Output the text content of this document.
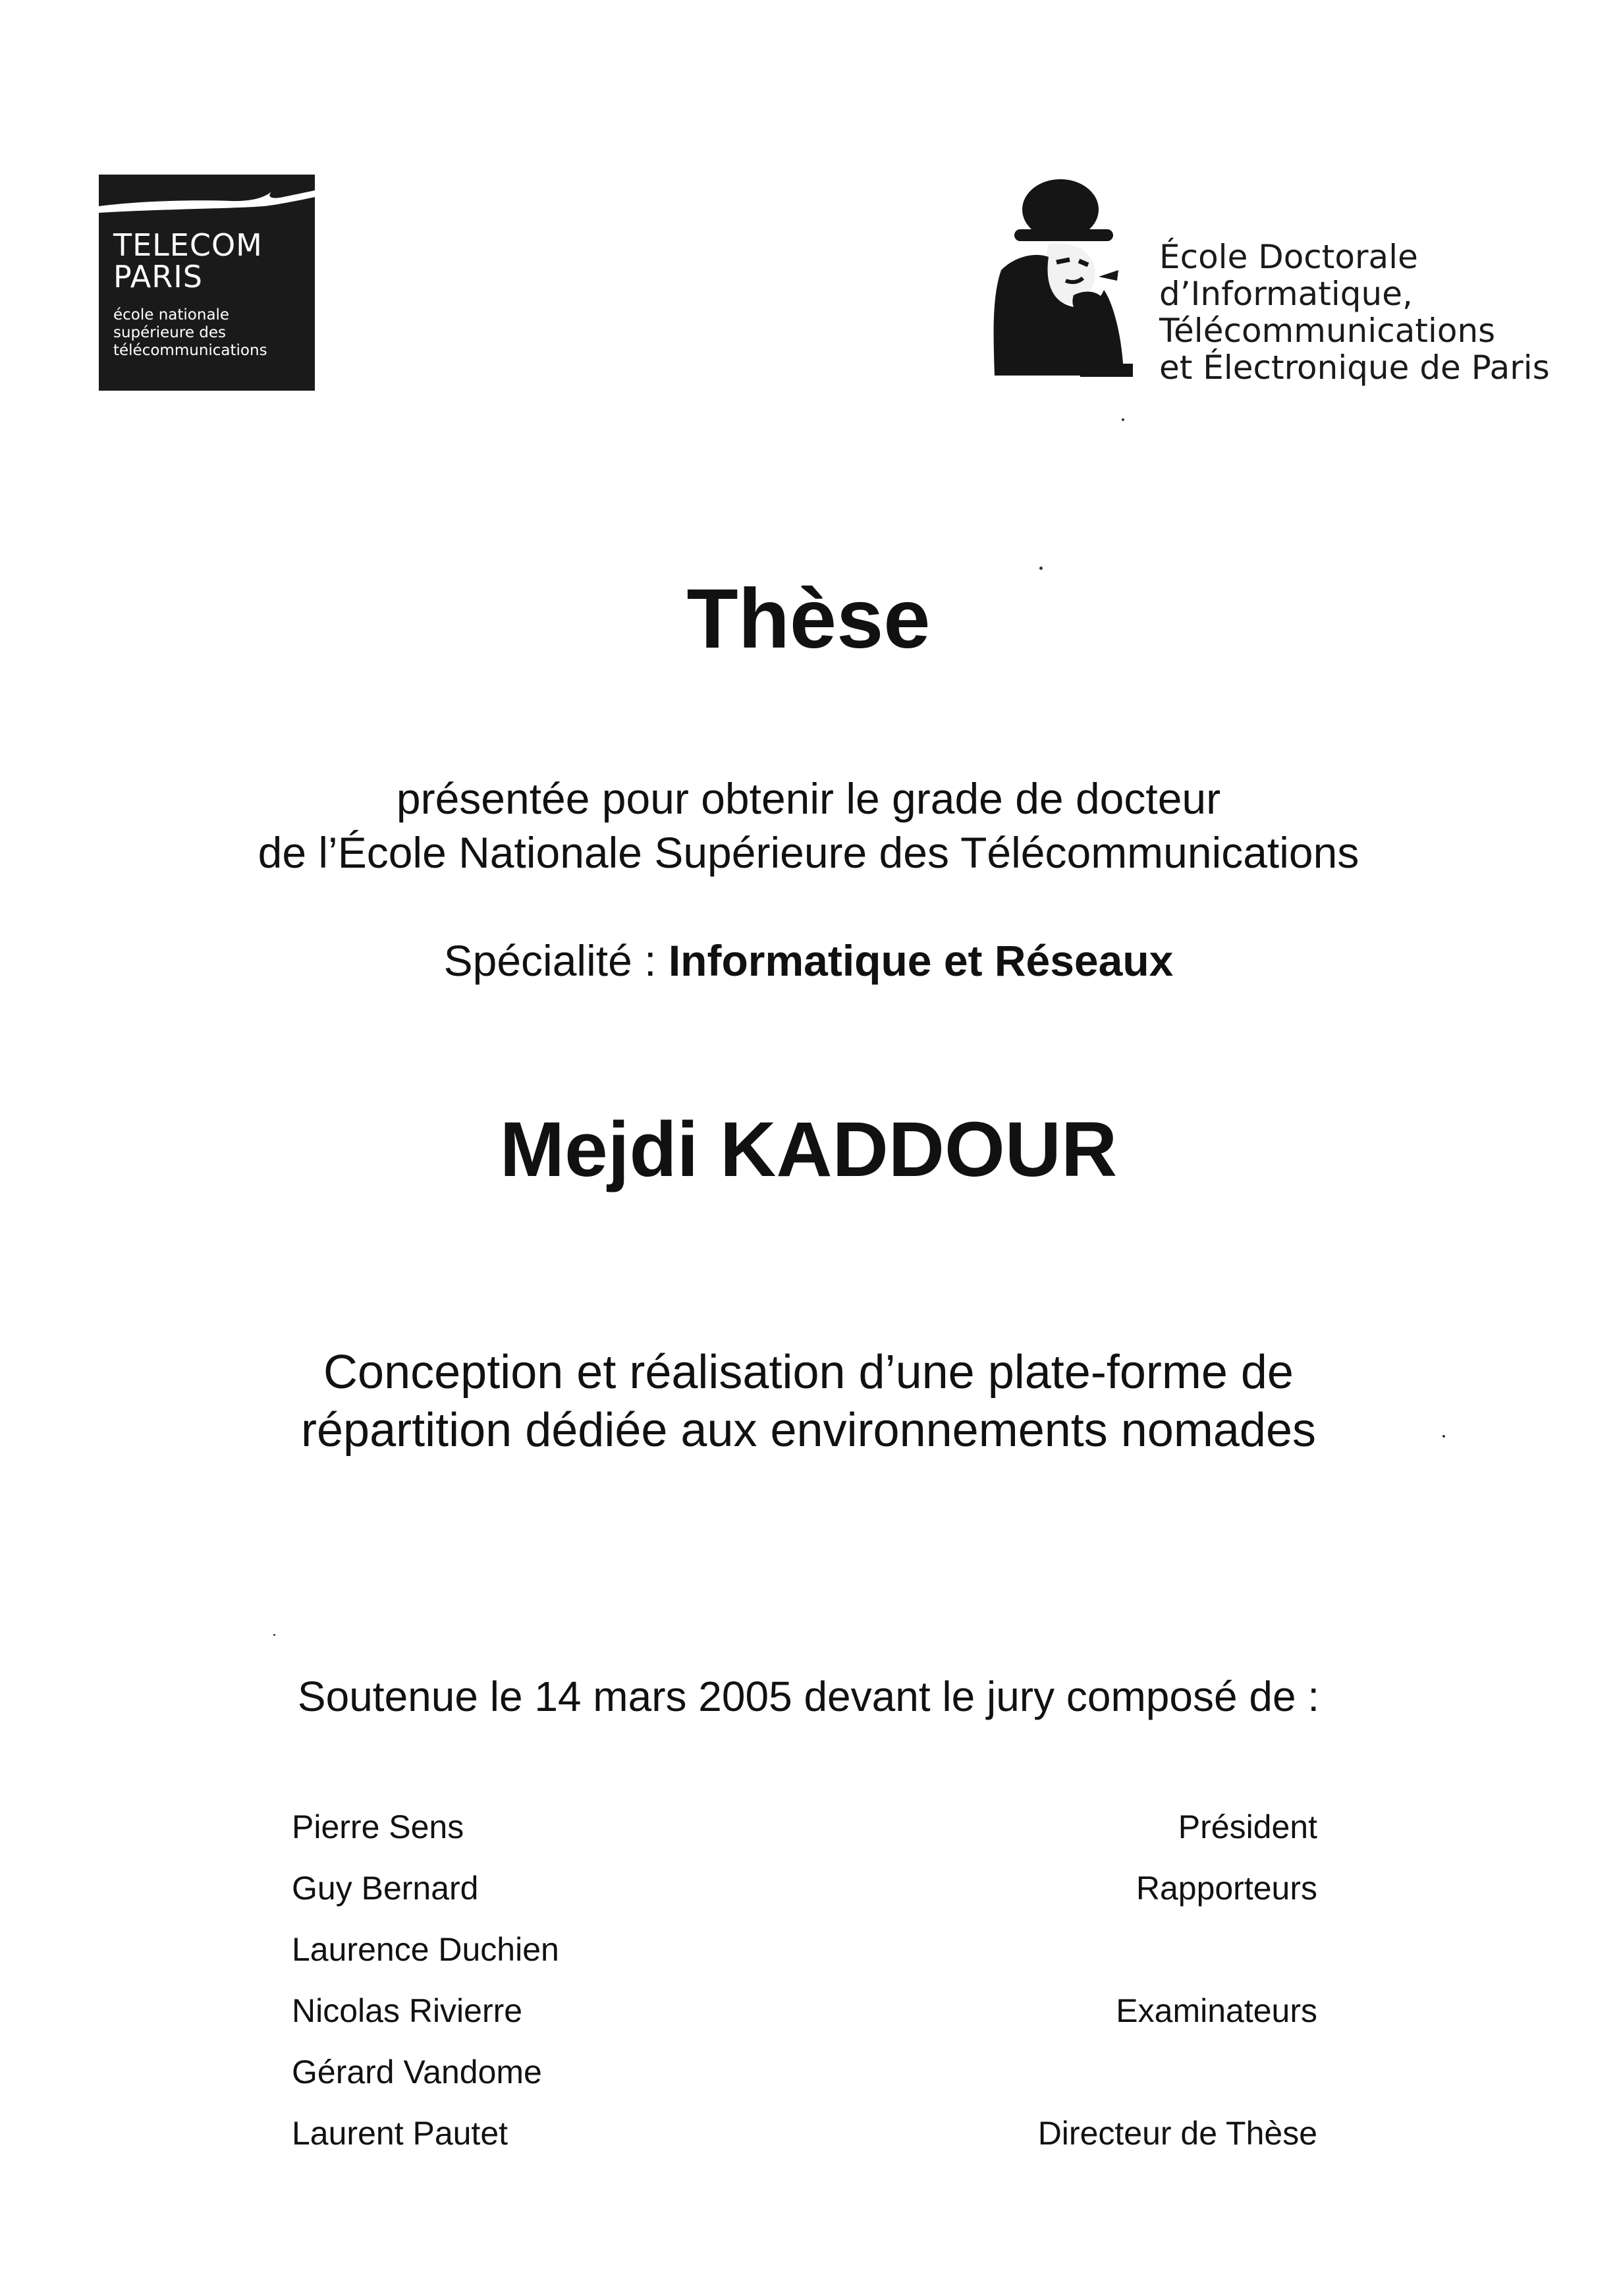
TELECOM
PARIS
école nationale
supérieure des
télécommunications
École Doctorale
d’Informatique,
Télécommunications
et Électronique de Paris
Thèse
présentée pour obtenir le grade de docteur
de l’École Nationale Supérieure des Télécommunications
Spécialité : Informatique et Réseaux
Mejdi KADDOUR
Conception et réalisation d’une plate-forme de
répartition dédiée aux environnements nomades
Soutenue le 14 mars 2005 devant le jury composé de :
Pierre Sens	Président
Guy Bernard	Rapporteurs
Laurence Duchien
Nicolas Rivierre	Examinateurs
Gérard Vandome
Laurent Pautet	Directeur de Thèse
